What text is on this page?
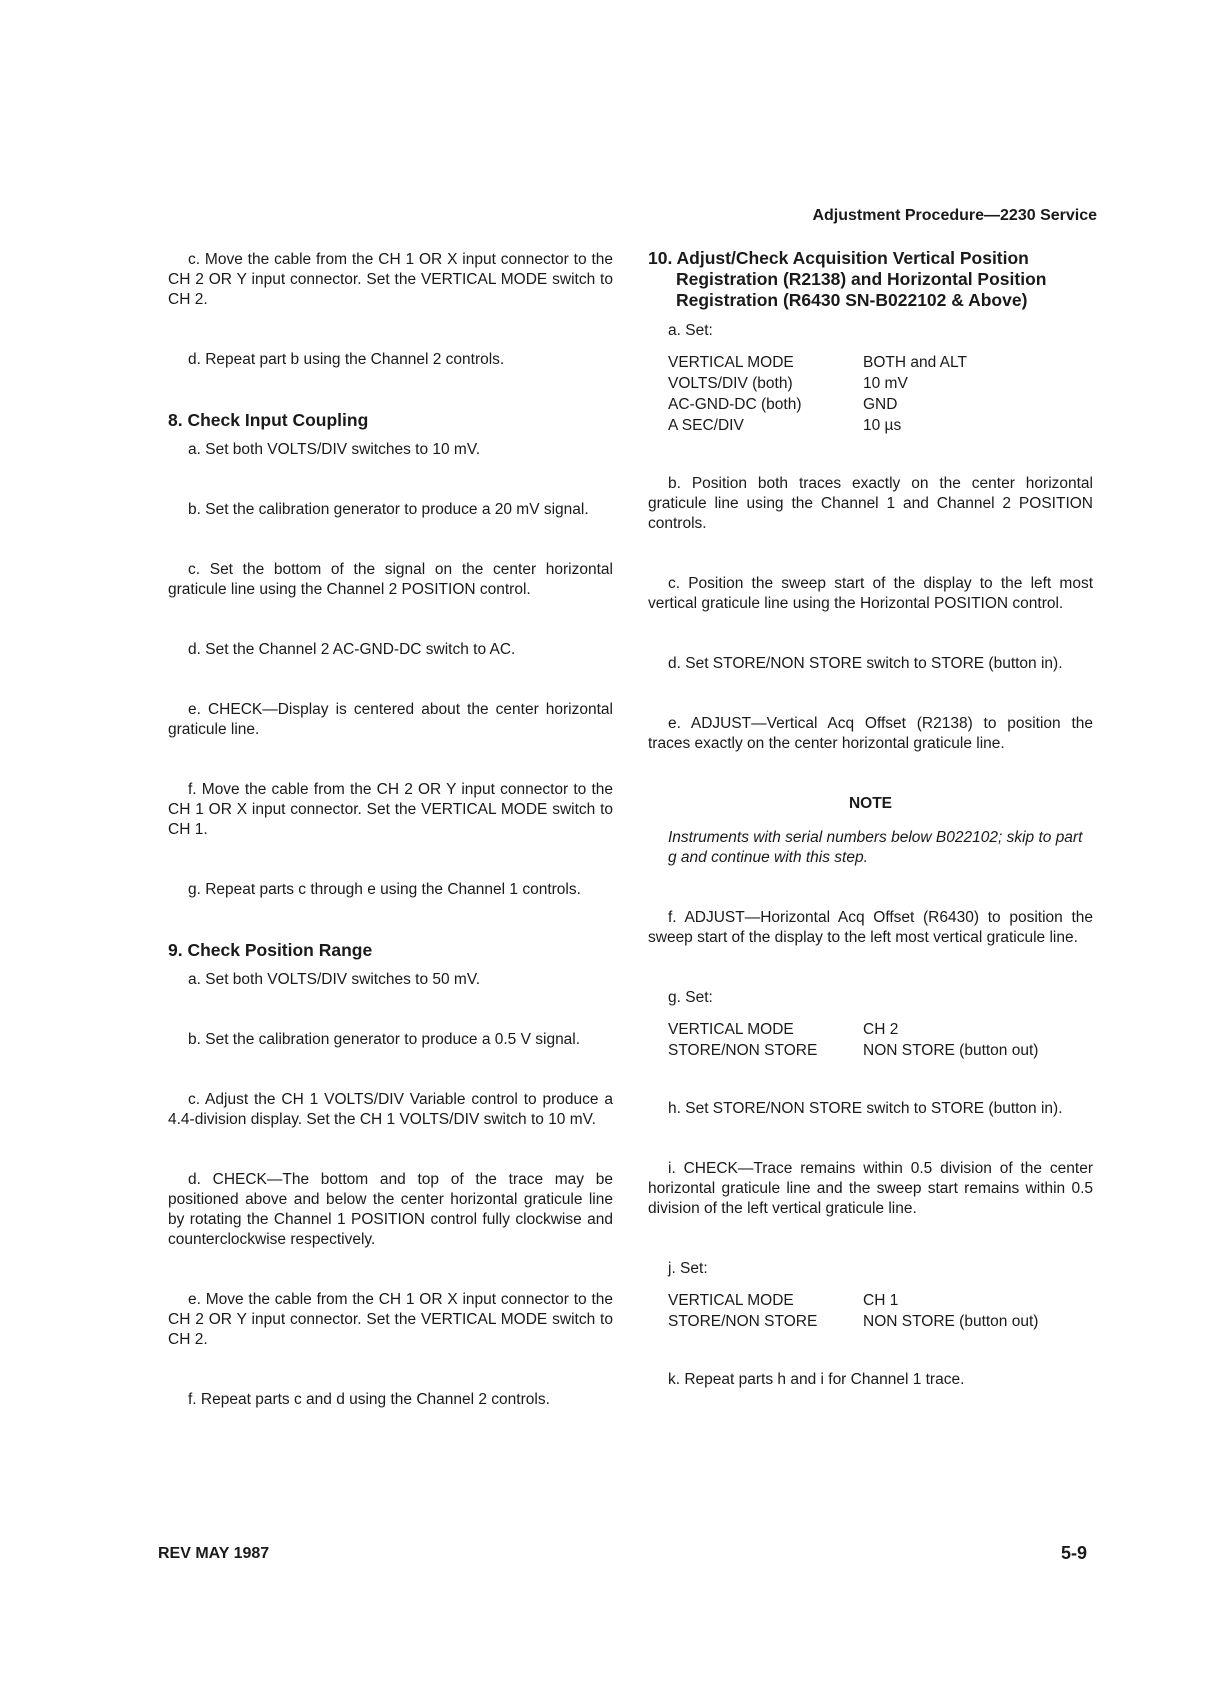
Adjustment Procedure—2230 Service

c. Move the cable from the CH 1 OR X input connector to the CH 2 OR Y input connector. Set the VERTICAL MODE switch to CH 2.

d. Repeat part b using the Channel 2 controls.

8. Check Input Coupling

a. Set both VOLTS/DIV switches to 10 mV.

b. Set the calibration generator to produce a 20 mV signal.

c. Set the bottom of the signal on the center horizontal graticule line using the Channel 2 POSITION control.

d. Set the Channel 2 AC-GND-DC switch to AC.

e. CHECK—Display is centered about the center horizontal graticule line.

f. Move the cable from the CH 2 OR Y input connector to the CH 1 OR X input connector. Set the VERTICAL MODE switch to CH 1.

g. Repeat parts c through e using the Channel 1 controls.

9. Check Position Range

a. Set both VOLTS/DIV switches to 50 mV.

b. Set the calibration generator to produce a 0.5 V signal.

c. Adjust the CH 1 VOLTS/DIV Variable control to produce a 4.4-division display. Set the CH 1 VOLTS/DIV switch to 10 mV.

d. CHECK—The bottom and top of the trace may be positioned above and below the center horizontal graticule line by rotating the Channel 1 POSITION control fully clockwise and counterclockwise respectively.

e. Move the cable from the CH 1 OR X input connector to the CH 2 OR Y input connector. Set the VERTICAL MODE switch to CH 2.

f. Repeat parts c and d using the Channel 2 controls.

10. Adjust/Check Acquisition Vertical Position Registration (R2138) and Horizontal Position Registration (R6430 SN-B022102 & Above)

a. Set:

VERTICAL MODE	BOTH and ALT
VOLTS/DIV (both)	10 mV
AC-GND-DC (both)	GND
A SEC/DIV	10 µs

b. Position both traces exactly on the center horizontal graticule line using the Channel 1 and Channel 2 POSITION controls.

c. Position the sweep start of the display to the left most vertical graticule line using the Horizontal POSITION control.

d. Set STORE/NON STORE switch to STORE (button in).

e. ADJUST—Vertical Acq Offset (R2138) to position the traces exactly on the center horizontal graticule line.

NOTE

Instruments with serial numbers below B022102; skip to part g and continue with this step.

f. ADJUST—Horizontal Acq Offset (R6430) to position the sweep start of the display to the left most vertical graticule line.

g. Set:

VERTICAL MODE	CH 2
STORE/NON STORE	NON STORE (button out)

h. Set STORE/NON STORE switch to STORE (button in).

i. CHECK—Trace remains within 0.5 division of the center horizontal graticule line and the sweep start remains within 0.5 division of the left vertical graticule line.

j. Set:

VERTICAL MODE	CH 1
STORE/NON STORE	NON STORE (button out)

k. Repeat parts h and i for Channel 1 trace.

REV MAY 1987	5-9
